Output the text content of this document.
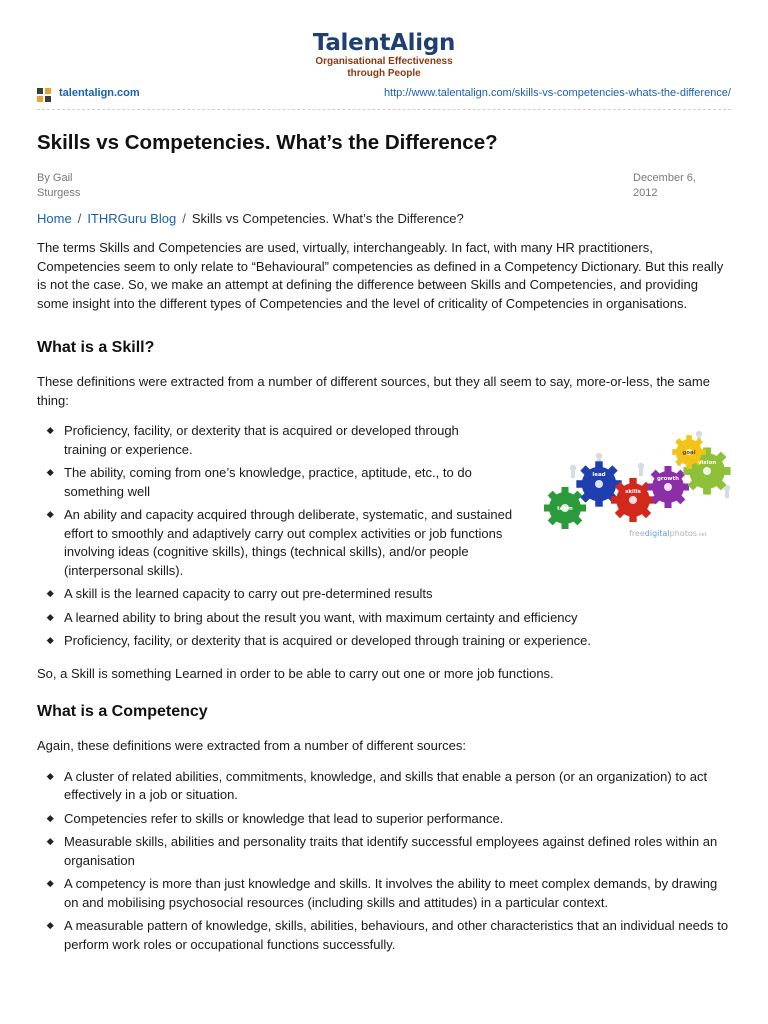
TalentAlign
Organisational Effectiveness
through People
talentalign.com	http://www.talentalign.com/skills-vs-competencies-whats-the-difference/
Skills vs Competencies. What’s the Difference?
By Gail
Sturgess
December 6,
2012
Home / ITHRGuru Blog / Skills vs Competencies. What’s the Difference?

The terms Skills and Competencies are used, virtually, interchangeably. In fact, with many HR practitioners, Competencies seem to only relate to “Behavioural” competencies as defined in a Competency Dictionary. But this really is not the case. So, we make an attempt at defining the difference between Skills and Competencies, and providing some insight into the different types of Competencies and the level of criticality of Competencies in organisations.

What is a Skill?

These definitions were extracted from a number of different sources, but they all seem to say, more-or-less, the same thing:

Proficiency, facility, or dexterity that is acquired or developed through training or experience.
The ability, coming from one’s knowledge, practice, aptitude, etc., to do something well
An ability and capacity acquired through deliberate, systematic, and sustained effort to smoothly and adaptively carry out complex activities or job functions involving ideas (cognitive skills), things (technical skills), and/or people (interpersonal skills).
A skill is the learned capacity to carry out pre-determined results
A learned ability to bring about the result you want, with maximum certainty and efficiency
Proficiency, facility, or dexterity that is acquired or developed through training or experience.

So, a Skill is something Learned in order to be able to carry out one or more job functions.

What is a Competency

Again, these definitions were extracted from a number of different sources:

A cluster of related abilities, commitments, knowledge, and skills that enable a person (or an organization) to act effectively in a job or situation.
Competencies refer to skills or knowledge that lead to superior performance.
Measurable skills, abilities and personality traits that identify successful employees against defined roles within an organisation
A competency is more than just knowledge and skills. It involves the ability to meet complex demands, by drawing on and mobilising psychosocial resources (including skills and attitudes) in a particular context.
A measurable pattern of knowledge, skills, abilities, behaviours, and other characteristics that an individual needs to perform work roles or occupational functions successfully.
team
lead
skills
growth
vision
goal
freedigitalphotos.net
